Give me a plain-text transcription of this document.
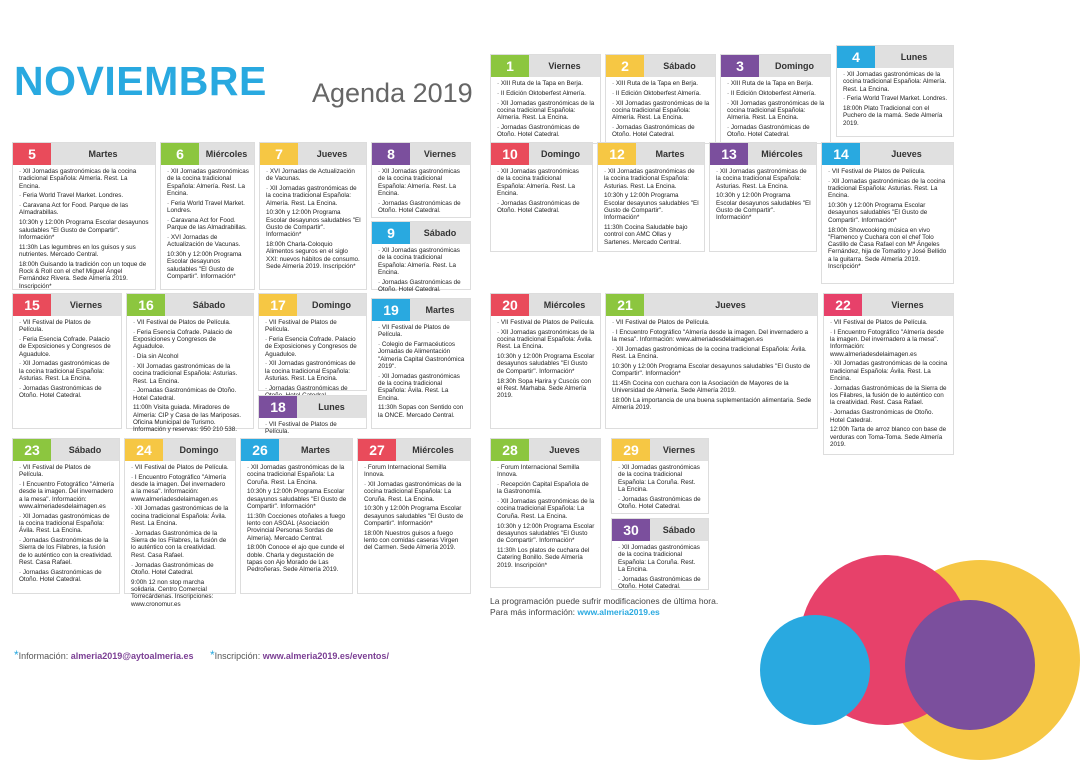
NOVIEMBRE Agenda 2019
1	Viernes

· XIII Ruta de la Tapa en Berja.

· II Edición Oktoberfest Almería.

· XII Jornadas gastronómicas de la cocina tradicional Española: Almería. Rest. La Encina.

· Jornadas Gastronómicas de Otoño. Hotel Catedral.

2	Sábado

· XIII Ruta de la Tapa en Berja.

· II Edición Oktoberfest Almería.

· XII Jornadas gastronómicas de la cocina tradicional Española: Almería. Rest. La Encina.

· Jornadas Gastronómicas de Otoño. Hotel Catedral.

3	Domingo

· XIII Ruta de la Tapa en Berja.

· II Edición Oktoberfest Almería.

· XII Jornadas gastronómicas de la cocina tradicional Española: Almería. Rest. La Encina.

· Jornadas Gastronómicas de Otoño. Hotel Catedral.

4	Lunes

· XII Jornadas gastronómicas de la cocina tradicional Española: Almería. Rest. La Encina.

· Feria World Travel Market. Londres.

18:00h Plato Tradicional con el Puchero de la mamá. Sede Almería 2019.

5	Martes

· XII Jornadas gastronómicas de la cocina tradicional Española: Almería. Rest. La Encina.

· Feria World Travel Market. Londres.

· Caravana Act for Food. Parque de las Almadrabillas.

10:30h y 12:00h Programa Escolar desayunos saludables "El Gusto de Compartir". Información*

11:30h Las legumbres en los guisos y sus nutrientes. Mercado Central.

18:00h Guisando la tradición con un toque de Rock & Roll con el chef Miguel Ángel Fernández Rivera. Sede Almería 2019. Inscripción*

6	Miércoles

· XII Jornadas gastronómicas de la cocina tradicional Española: Almería. Rest. La Encina.

· Feria World Travel Market. Londres.

· Caravana Act for Food. Parque de las Almadrabillas.

· XVI Jornadas de Actualización de Vacunas.

10:30h y 12:00h Programa Escolar desayunos saludables "El Gusto de Compartir". Información*

7	Jueves

· XVI Jornadas de Actualización de Vacunas.

· XII Jornadas gastronómicas de la cocina tradicional Española: Almería. Rest. La Encina.

10:30h y 12:00h Programa Escolar desayunos saludables "El Gusto de Compartir". Información*

18:00h Charla-Coloquio Alimentos seguros en el siglo XXI: nuevos hábitos de consumo. Sede Almería 2019. Inscripción*

8	Viernes

· XII Jornadas gastronómicas de la cocina tradicional Española: Almería. Rest. La Encina.

· Jornadas Gastronómicas de Otoño. Hotel Catedral.

9	Sábado

· XII Jornadas gastronómicas de la cocina tradicional Española: Almería. Rest. La Encina.

· Jornadas Gastronómicas de Otoño. Hotel Catedral.

10	Domingo

· XII Jornadas gastronómicas de la cocina tradicional Española: Almería. Rest. La Encina.

· Jornadas Gastronómicas de Otoño. Hotel Catedral.

12	Martes

· XII Jornadas gastronómicas de la cocina tradicional Española: Asturias. Rest. La Encina.

10:30h y 12:00h Programa Escolar desayunos saludables "El Gusto de Compartir". Información*

11:30h Cocina Saludable bajo control con AMC Ollas y Sartenes. Mercado Central.

13	Miércoles

· XII Jornadas gastronómicas de la cocina tradicional Española: Asturias. Rest. La Encina.

10:30h y 12:00h Programa Escolar desayunos saludables "El Gusto de Compartir". Información*

14	Jueves

· VII Festival de Platos de Película.

· XII Jornadas gastronómicas de la cocina tradicional Española: Asturias. Rest. La Encina.

10:30h y 12:00h Programa Escolar desayunos saludables "El Gusto de Compartir". Información*

18:00h Showcooking música en vivo "Flamenco y Cuchara con el chef Tolo Castillo de Casa Rafael con Mª Ángeles Fernández, hija de Tomatito y José Bellido a la guitarra. Sede Almería 2019. Inscripción*

15	Viernes

· VII Festival de Platos de Película.

· Feria Esencia Cofrade. Palacio de Exposiciones y Congresos de Aguadulce.

· XII Jornadas gastronómicas de la cocina tradicional Española: Asturias. Rest. La Encina.

· Jornadas Gastronómicas de Otoño. Hotel Catedral.

16	Sábado

· VII Festival de Platos de Película.

· Feria Esencia Cofrade. Palacio de Exposiciones y Congresos de Aguadulce.

· Día sin Alcohol

· XII Jornadas gastronómicas de la cocina tradicional Española: Asturias. Rest. La Encina.

· Jornadas Gastronómicas de Otoño. Hotel Catedral.

11:00h Visita guiada. Miradores de Almería: CIP y Casa de las Mariposas. Oficina Municipal de Turismo. Información y reservas: 950 210 538.

17	Domingo

· VII Festival de Platos de Película.

· Feria Esencia Cofrade. Palacio de Exposiciones y Congresos de Aguadulce.

· XII Jornadas gastronómicas de la cocina tradicional Española: Asturias. Rest. La Encina.

· Jornadas Gastronómicas de

18	Lunes

· VII Festival de Platos de Película.

19	Martes

· VII Festival de Platos de Película.

· Colegio de Farmacéuticos Jornadas de Alimentación "Almería Capital Gastronómica 2019".

· XII Jornadas gastronómicas de la cocina tradicional Española: Ávila. Rest. La Encina.

11:30h Sopas con Sentido con la ONCE. Mercado Central.

20	Miércoles

· VII Festival de Platos de Película.

· XII Jornadas gastronómicas de la cocina tradicional Española: Ávila. Rest. La Encina.

10:30h y 12:00h Programa Escolar desayunos saludables "El Gusto de Compartir". Información*

18:30h Sopa Harira y Cuscús con el Rest. Marhaba. Sede Almería 2019.

21	Jueves

· VII Festival de Platos de Película.

· I Encuentro Fotográfico "Almería desde la imagen. Del invernadero a la mesa". Información: www.almeriadesdelaimagen.es

· XII Jornadas gastronómicas de la cocina tradicional Española: Ávila. Rest. La Encina.

10:30h y 12:00h Programa Escolar desayunos saludables "El Gusto de Compartir". Información*

11:45h Cocina con cuchara con la Asociación de Mayores de la Universidad de Almería. Sede Almería 2019.

18:00h La importancia de una buena suplementación alimentaria. Sede Almería 2019.

22	Viernes

· VII Festival de Platos de Película.

· I Encuentro Fotográfico "Almería desde la imagen. Del invernadero a la mesa". Información: www.almeriadesdelaimagen.es

· XII Jornadas gastronómicas de la cocina tradicional Española: Ávila. Rest. La Encina.

· Jornadas Gastronómicas de la Sierra de los Filabres, la fusión de lo auténtico con la creatividad. Rest. Casa Rafael.

· Jornadas Gastronómicas de Otoño. Hotel Catedral.

12:00h Tarta de arroz blanco con base de verduras con Toma-Toma. Sede Almería 2019.

23	Sábado

· VII Festival de Platos de Película.

· I Encuentro Fotográfico "Almería desde la imagen. Del invernadero a la mesa". Información: www.almeriadesdelaimagen.es

· XII Jornadas gastronómicas de la cocina tradicional Española: Ávila. Rest. La Encina.

· Jornadas Gastronómicas de la Sierra de los Filabres, la fusión de lo auténtico con la creatividad. Rest. Casa Rafael.

· Jornadas Gastronómicas de Otoño. Hotel Catedral.

24	Domingo

· VII Festival de Platos de Película.

· I Encuentro Fotográfico "Almería desde la imagen. Del invernadero a la mesa". Información: www.almeriadesdelaimagen.es

· XII Jornadas gastronómicas de la cocina tradicional Española: Ávila. Rest. La Encina.

· Jornadas Gastronómica de la Sierra de los Filabres, la fusión de lo auténtico con la creatividad. Rest. Casa Rafael.

· Jornadas Gastronómicas de Otoño. Hotel Catedral.

9:00h 12 non stop marcha solidaria. Centro Comercial Torrecárdenas. Inscripciones: www.cronomur.es

26	Martes

· XII Jornadas gastronómicas de la cocina tradicional Española: La Coruña. Rest. La Encina.

10:30h y 12:00h Programa Escolar desayunos saludables "El Gusto de Compartir". Información*

11:30h Cocciones otoñales a fuego lento con ASOAL (Asociación Provincial Personas Sordas de Almería). Mercado Central.

18:00h Conoce el ajo que cunde el doble. Charla y degustación de tapas con Ajo Morado de Las Pedroñeras. Sede Almería 2019.

27	Miércoles

· Forum Internacional Semilla Innova.

· XII Jornadas gastronómicas de la cocina tradicional Española: La Coruña. Rest. La Encina.

10:30h y 12:00h Programa Escolar desayunos saludables "El Gusto de Compartir". Información*

18:00h Nuestros guisos a fuego lento con comidas caseras Virgen del Carmen. Sede Almería 2019.

28	Jueves

· Forum Internacional Semilla Innova.

· Recepción Capital Española de la Gastronomía.

· XII Jornadas gastronómicas de la cocina tradicional Española: La Coruña. Rest. La Encina.

10:30h y 12:00h Programa Escolar desayunos saludables "El Gusto de Compartir". Información*

11:30h Los platos de cuchara del Catering Bonillo. Sede Almería 2019. Inscripción*

29	Viernes

· XII Jornadas gastronómicas de la cocina tradicional Española: La Coruña. Rest. La Encina.

· Jornadas Gastronómicas de Otoño. Hotel Catedral.

30	Sábado

· XII Jornadas gastronómicas de la cocina tradicional Española: La Coruña. Rest. La Encina.

· Jornadas Gastronómicas de Otoño. Hotel Catedral.

La programación puede sufrir modificaciones de última hora.
Para más información: www.almeria2019.es
*Información: almeria2019@aytoalmeria.es *Inscripción: www.almeria2019.es/eventos/
